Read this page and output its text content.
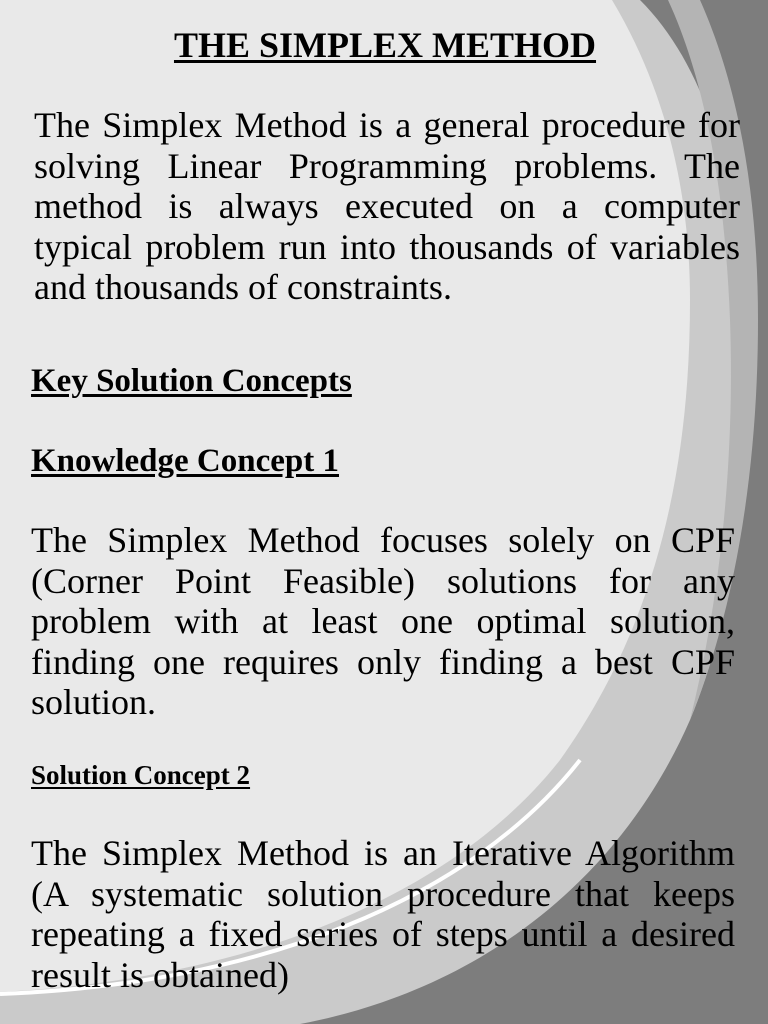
THE SIMPLEX METHOD

The Simplex Method is a general procedure for solving Linear Programming problems. The method is always executed on a computer typical problem run into thousands of variables and thousands of constraints.

Key Solution Concepts
Knowledge Concept 1

The Simplex Method focuses solely on CPF (Corner Point Feasible) solutions for any problem with at least one optimal solution, finding one requires only finding a best CPF solution.

Solution Concept 2

The Simplex Method is an Iterative Algorithm (A systematic solution procedure that keeps repeating a fixed series of steps until a desired result is obtained)
